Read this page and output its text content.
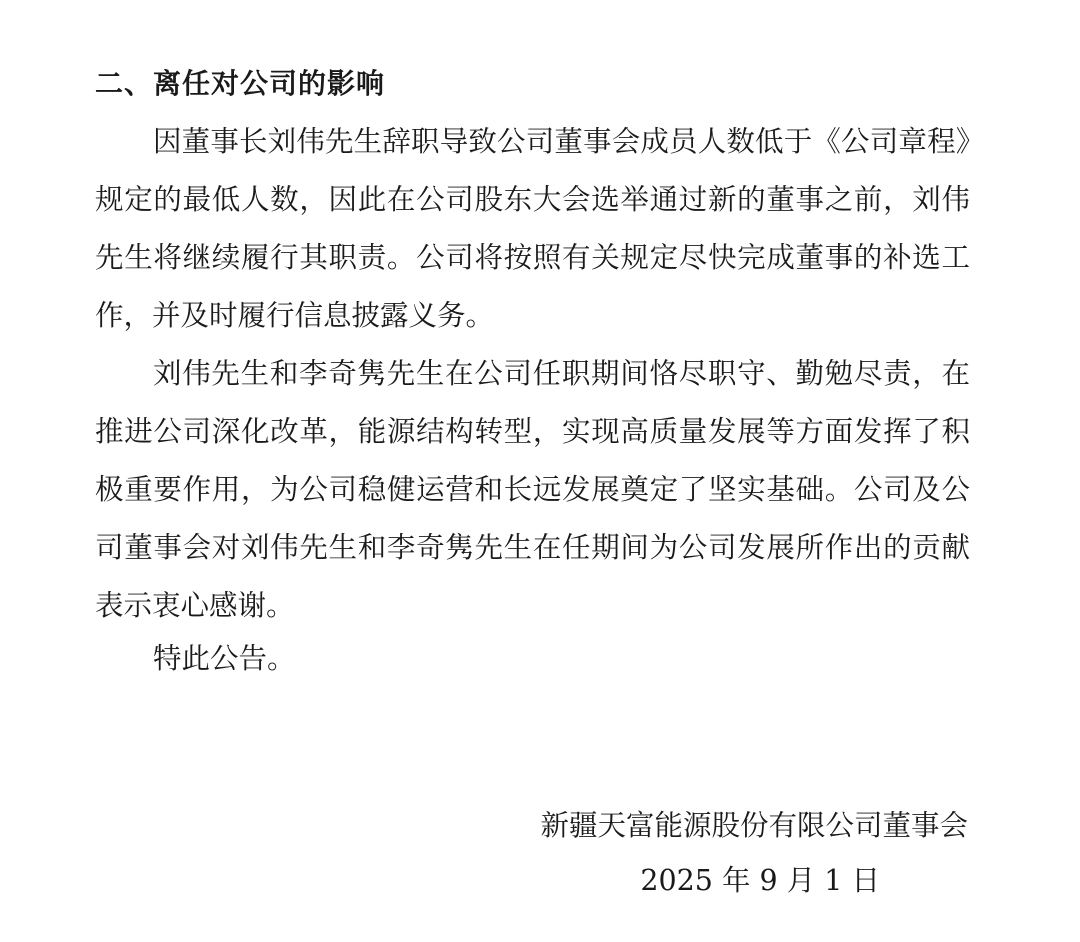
二、离任对公司的影响

因董事长刘伟先生辞职导致公司董事会成员人数低于《公司章程》规定的最低人数，因此在公司股东大会选举通过新的董事之前，刘伟先生将继续履行其职责。公司将按照有关规定尽快完成董事的补选工作，并及时履行信息披露义务。

刘伟先生和李奇隽先生在公司任职期间恪尽职守、勤勉尽责，在推进公司深化改革，能源结构转型，实现高质量发展等方面发挥了积极重要作用，为公司稳健运营和长远发展奠定了坚实基础。公司及公司董事会对刘伟先生和李奇隽先生在任期间为公司发展所作出的贡献表示衷心感谢。

特此公告。

新疆天富能源股份有限公司董事会
2025 年 9 月 1 日
